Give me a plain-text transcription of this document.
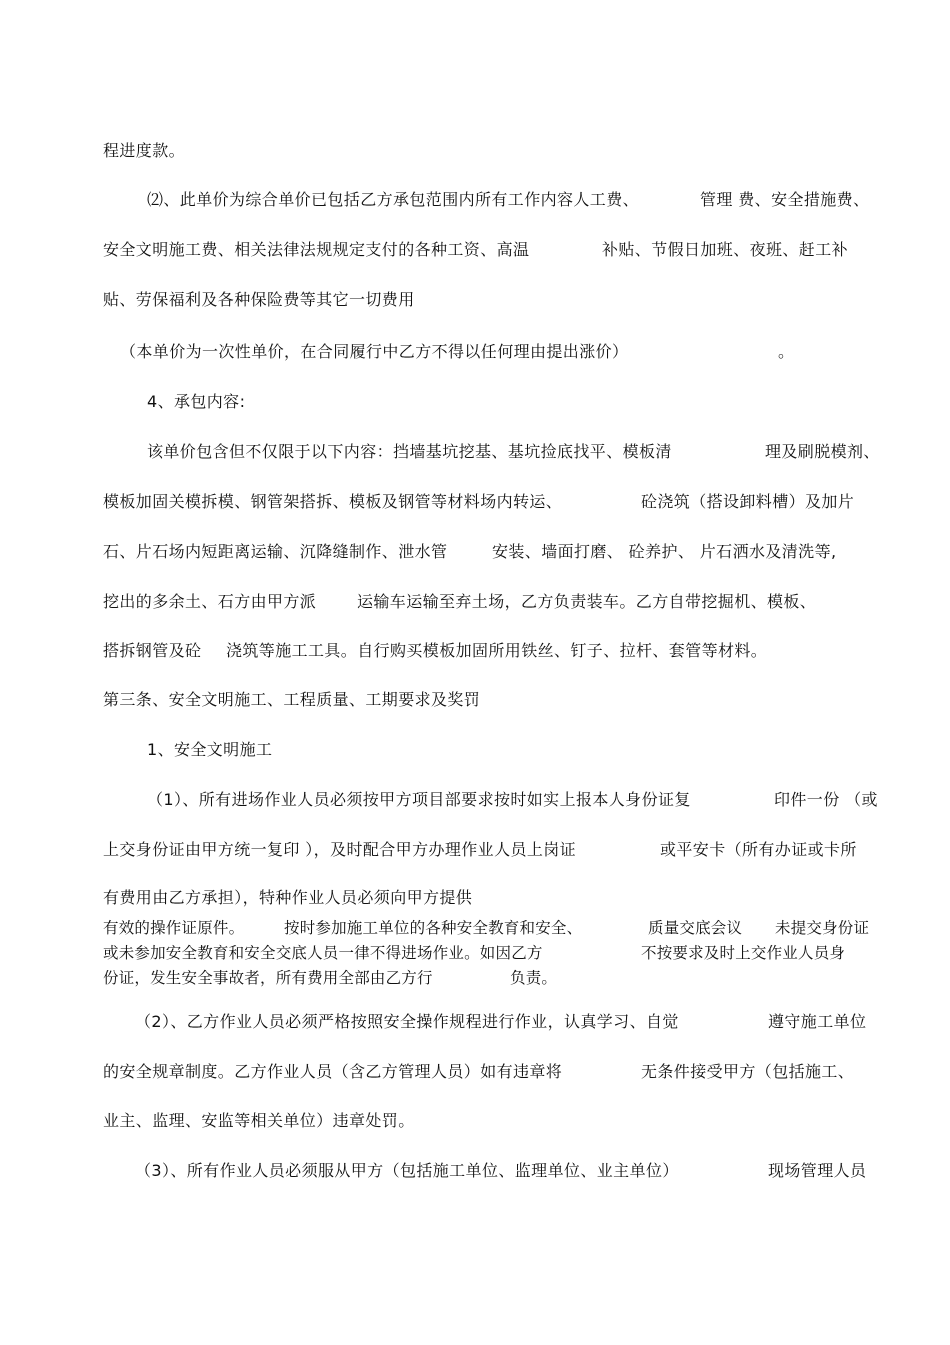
程进度款。
⑵、此单价为综合单价已包括乙方承包范围内所有工作内容人工费、	管理 费、安全措施费、
安全文明施工费、相关法律法规规定支付的各种工资、高温	补贴、节假日加班、夜班、赶工补
贴、劳保福利及各种保险费等其它一切费用
（本单价为一次性单价，在合同履行中乙方不得以任何理由提出涨价）	。
4、承包内容:
该单价包含但不仅限于以下内容：挡墙基坑挖基、基坑捡底找平、模板清	理及刷脱模剂、
模板加固关模拆模、钢管架搭拆、模板及钢管等材料场内转运、	砼浇筑（搭设卸料槽）及加片
石、片石场内短距离运输、沉降缝制作、泄水管	安装、墙面打磨、 砼养护、 片石洒水及清洗等,
挖出的多余土、石方由甲方派	运输车运输至弃土场，乙方负责装车。乙方自带挖掘机、模板、
搭拆钢管及砼 浇筑等施工工具。自行购买模板加固所用铁丝、钉子、拉杆、套管等材料。
第三条、安全文明施工、工程质量、工期要求及奖罚
1、安全文明施工
（1）、所有进场作业人员必须按甲方项目部要求按时如实上报本人身份证复	印件一份 （或
上交身份证由甲方统一复印 ），及时配合甲方办理作业人员上岗证	或平安卡（所有办证或卡所
有费用由乙方承担），特种作业人员必须向甲方提供
有效的操作证原件。	按时参加施工单位的各种安全教育和安全、	质量交底会议 未提交身份证
或未参加安全教育和安全交底人员一律不得进场作业。如因乙方	不按要求及时上交作业人员身
份证，发生安全事故者，所有费用全部由乙方行	负责。
（2）、乙方作业人员必须严格按照安全操作规程进行作业，认真学习、自觉	遵守施工单位
的安全规章制度。乙方作业人员（含乙方管理人员）如有违章将	无条件接受甲方（包括施工、
业主、监理、安监等相关单位）违章处罚。
（3）、所有作业人员必须服从甲方（包括施工单位、监理单位、业主单位）	现场管理人员
